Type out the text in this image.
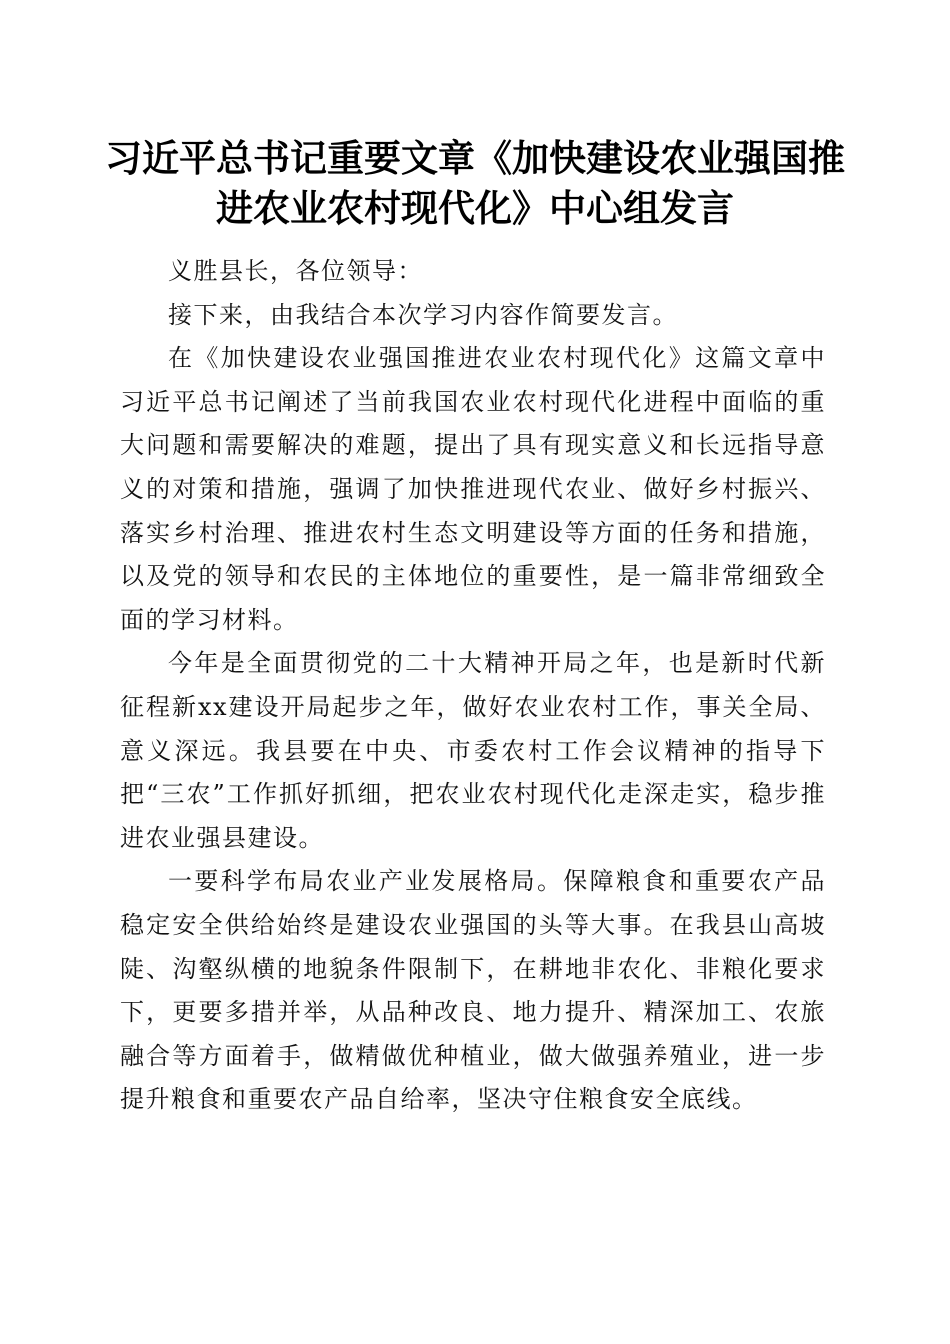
习近平总书记重要文章《加快建设农业强国推进农业农村现代化》中心组发言

义胜县长，各位领导：

接下来，由我结合本次学习内容作简要发言。

在《加快建设农业强国推进农业农村现代化》这篇文章中习近平总书记阐述了当前我国农业农村现代化进程中面临的重大问题和需要解决的难题，提出了具有现实意义和长远指导意义的对策和措施，强调了加快推进现代农业、做好乡村振兴、落实乡村治理、推进农村生态文明建设等方面的任务和措施，以及党的领导和农民的主体地位的重要性，是一篇非常细致全面的学习材料。

今年是全面贯彻党的二十大精神开局之年，也是新时代新征程新xx建设开局起步之年，做好农业农村工作，事关全局、意义深远。我县要在中央、市委农村工作会议精神的指导下把“三农”工作抓好抓细，把农业农村现代化走深走实，稳步推进农业强县建设。

一要科学布局农业产业发展格局。保障粮食和重要农产品稳定安全供给始终是建设农业强国的头等大事。在我县山高坡陡、沟壑纵横的地貌条件限制下，在耕地非农化、非粮化要求下，更要多措并举，从品种改良、地力提升、精深加工、农旅融合等方面着手，做精做优种植业，做大做强养殖业，进一步提升粮食和重要农产品自给率，坚决守住粮食安全底线。
